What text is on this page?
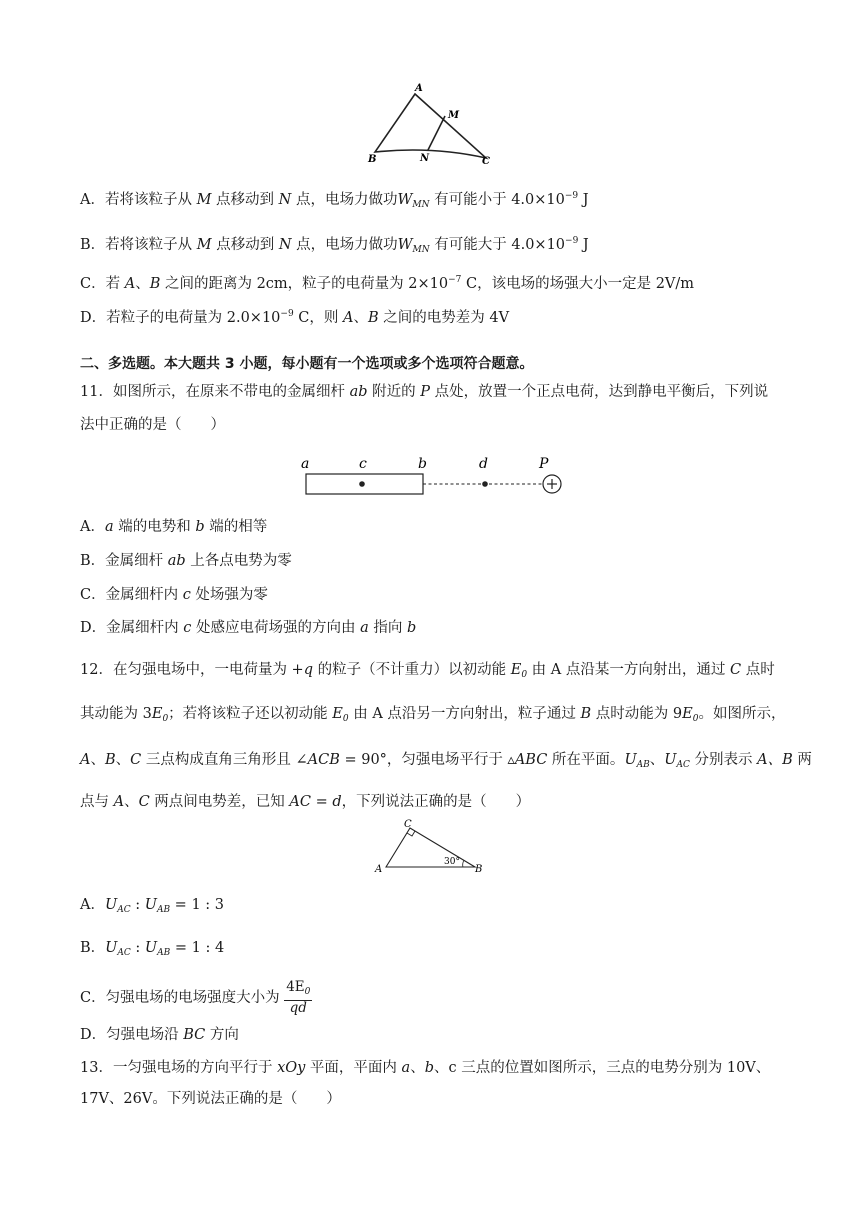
A
M
B	N	C
A．若将该粒子从 M 点移动到 N 点，电场力做功$W_{MN}$ 有可能小于 $4.0\times 10^{-9}$ J
B．若将该粒子从 M 点移动到 N 点，电场力做功$W_{MN}$ 有可能大于 $4.0\times 10^{-9}$ J
C．若 A、B 之间的距离为 2cm，粒子的电荷量为 $2\times 10^{-7}$ C，该电场的场强大小一定是 2V/m
D．若粒子的电荷量为 $2.0\times 10^{-9}$ C，则 A、B 之间的电势差为 4V
二、多选题。本大题共 3 小题，每小题有一个选项或多个选项符合题意。
11．如图所示，在原来不带电的金属细杆 ab 附近的 P 点处，放置一个正点电荷，达到静电平衡后，下列说
法中正确的是（　　）
a	c	b	d	P
A．a 端的电势和 b 端的相等
B．金属细杆 ab 上各点电势为零
C．金属细杆内 c 处场强为零
D．金属细杆内 c 处感应电荷场强的方向由 a 指向 b
12．在匀强电场中，一电荷量为 +q 的粒子（不计重力）以初动能 $E_0$ 由 A 点沿某一方向射出，通过 C 点时
其动能为 $3E_0$；若将该粒子还以初动能 $E_0$ 由 A 点沿另一方向射出，粒子通过 B 点时动能为 $9E_0$。如图所示，
A、B、C 三点构成直角三角形且 ∠ACB = 90°，匀强电场平行于 ▵ABC 所在平面。$U_{AB}$、$U_{AC}$ 分别表示 A、B 两
点与 A、C 两点间电势差，已知 AC = d，下列说法正确的是（　　）
C
A	B
30°
A．$U_{AC}$ : $U_{AB} = 1$ : 3
B．$U_{AC}$ : $U_{AB} = 1$ : 4
C．匀强电场的电场强度大小为 $\frac{4E_0}{qd}$
D．匀强电场沿 BC 方向
13．一匀强电场的方向平行于 xOy 平面，平面内 a、b、c 三点的位置如图所示，三点的电势分别为 10V、
17V、26V。下列说法正确的是（　　）
